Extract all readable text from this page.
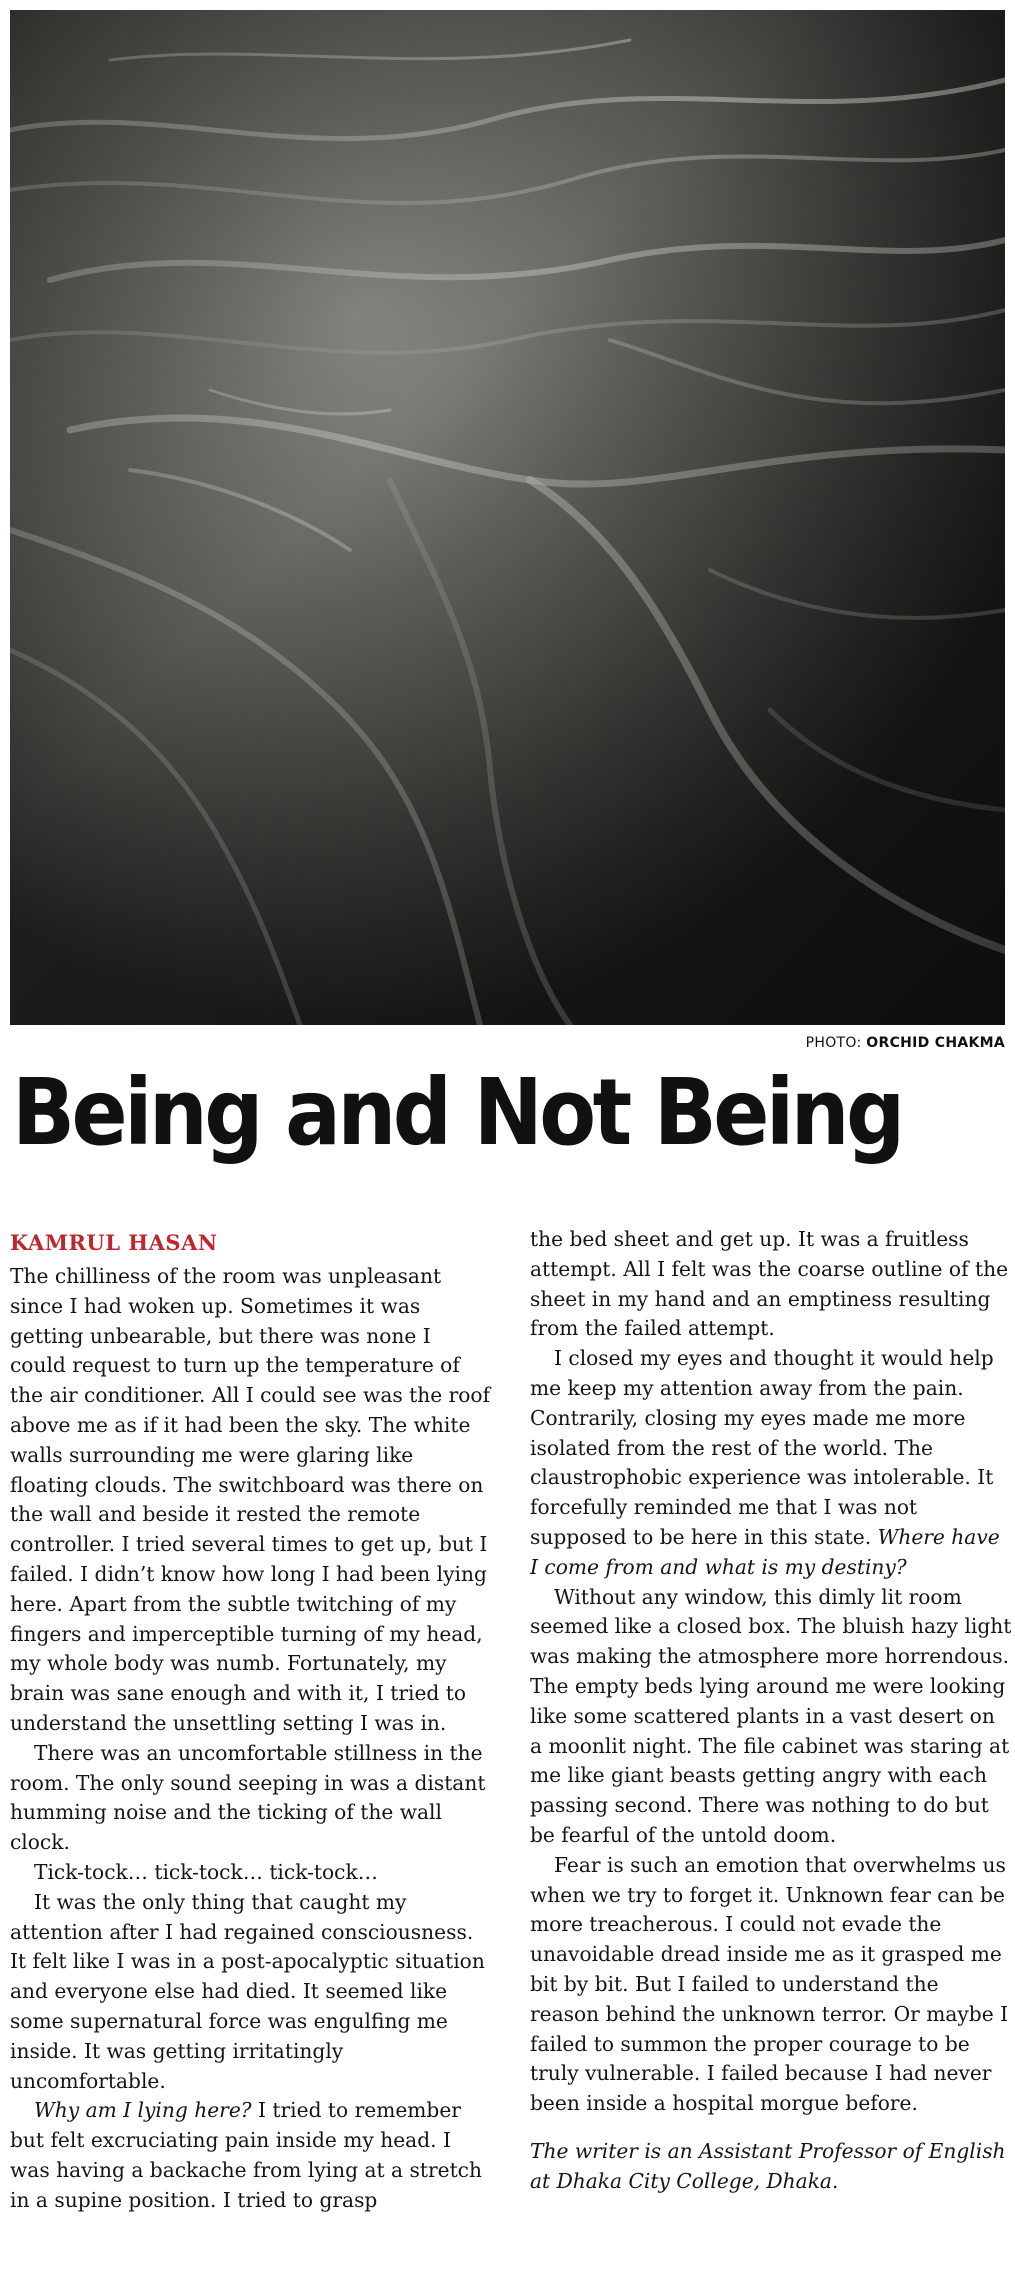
PHOTO: ORCHID CHAKMA
Being and Not Being
KAMRUL HASAN

The chilliness of the room was unpleasant since I had woken up. Sometimes it was getting unbearable, but there was none I could request to turn up the temperature of the air conditioner. All I could see was the roof above me as if it had been the sky. The white walls surrounding me were glaring like floating clouds. The switchboard was there on the wall and beside it rested the remote controller. I tried several times to get up, but I failed. I didn’t know how long I had been lying here. Apart from the subtle twitching of my fingers and imperceptible turning of my head, my whole body was numb. Fortunately, my brain was sane enough and with it, I tried to understand the unsettling setting I was in.

There was an uncomfortable stillness in the room. The only sound seeping in was a distant humming noise and the ticking of the wall clock.

Tick-tock… tick-tock… tick-tock…

It was the only thing that caught my attention after I had regained consciousness. It felt like I was in a post-apocalyptic situation and everyone else had died. It seemed like some supernatural force was engulfing me inside. It was getting irritatingly uncomfortable.

Why am I lying here? I tried to remember but felt excruciating pain inside my head. I was having a backache from lying at a stretch in a supine position. I tried to grasp

the bed sheet and get up. It was a fruitless attempt. All I felt was the coarse outline of the sheet in my hand and an emptiness resulting from the failed attempt.

I closed my eyes and thought it would help me keep my attention away from the pain. Contrarily, closing my eyes made me more isolated from the rest of the world. The claustrophobic experience was intolerable. It forcefully reminded me that I was not supposed to be here in this state. Where have I come from and what is my destiny?

Without any window, this dimly lit room seemed like a closed box. The bluish hazy light was making the atmosphere more horrendous. The empty beds lying around me were looking like some scattered plants in a vast desert on a moonlit night. The file cabinet was staring at me like giant beasts getting angry with each passing second. There was nothing to do but be fearful of the untold doom.

Fear is such an emotion that overwhelms us when we try to forget it. Unknown fear can be more treacherous. I could not evade the unavoidable dread inside me as it grasped me bit by bit. But I failed to understand the reason behind the unknown terror. Or maybe I failed to summon the proper courage to be truly vulnerable. I failed because I had never been inside a hospital morgue before.

The writer is an Assistant Professor of English at Dhaka City College, Dhaka.
